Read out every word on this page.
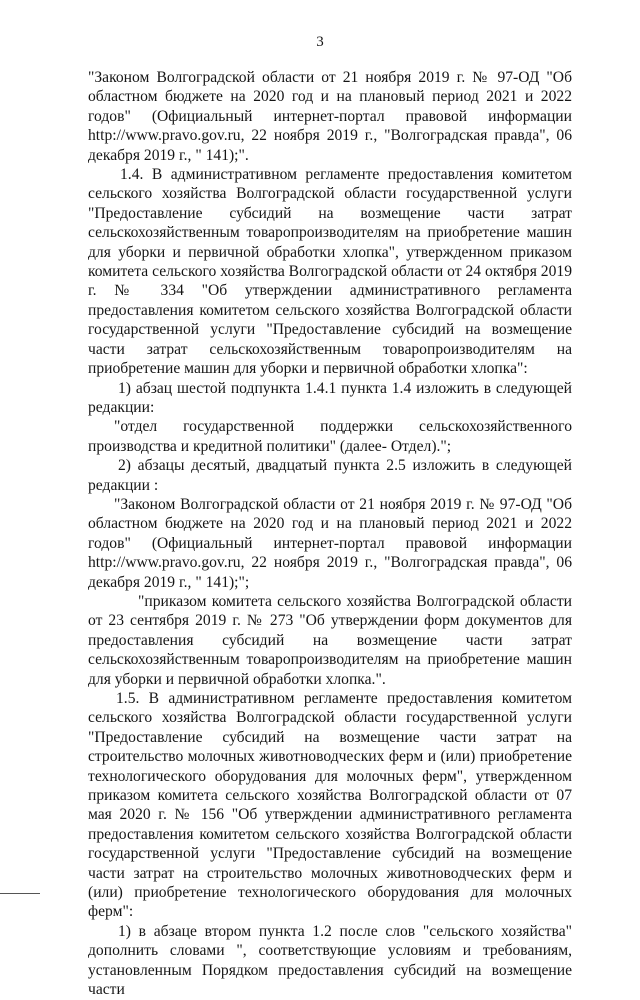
3

"Законом Волгоградской области от 21 ноября 2019 г. № 97-ОД "Об областном бюджете на 2020 год и на плановый период 2021 и 2022 годов" (Официальный интернет-портал правовой информации http://www.pravo.gov.ru, 22 ноября 2019 г., "Волгоградская правда", 06 декабря 2019 г., " 141);".

1.4. В административном регламенте предоставления комитетом сельского хозяйства Волгоградской области государственной услуги "Предоставление субсидий на возмещение части затрат сельскохозяйственным товаропроизводителям на приобретение машин для уборки и первичной обработки хлопка", утвержденном приказом комитета сельского хозяйства Волгоградской области от 24 октября 2019 г. № 334 "Об утверждении административного регламента предоставления комитетом сельского хозяйства Волгоградской области государственной услуги "Предоставление субсидий на возмещение части затрат сельскохозяйственным товаропроизводителям на приобретение машин для уборки и первичной обработки хлопка":

1) абзац шестой подпункта 1.4.1 пункта 1.4 изложить в следующей редакции:

"отдел государственной поддержки сельскохозяйственного производства и кредитной политики" (далее- Отдел).";

2) абзацы десятый, двадцатый пункта 2.5 изложить в следующей редакции :

"Законом Волгоградской области от 21 ноября 2019 г. № 97-ОД "Об областном бюджете на 2020 год и на плановый период 2021 и 2022 годов" (Официальный интернет-портал правовой информации http://www.pravo.gov.ru, 22 ноября 2019 г., "Волгоградская правда", 06 декабря 2019 г., " 141);";

"приказом комитета сельского хозяйства Волгоградской области от 23 сентября 2019 г. № 273 "Об утверждении форм документов для предоставления субсидий на возмещение части затрат сельскохозяйственным товаропроизводителям на приобретение машин для уборки и первичной обработки хлопка.".

1.5. В административном регламенте предоставления комитетом сельского хозяйства Волгоградской области государственной услуги "Предоставление субсидий на возмещение части затрат на строительство молочных животноводческих ферм и (или) приобретение технологического оборудования для молочных ферм", утвержденном приказом комитета сельского хозяйства Волгоградской области от 07 мая 2020 г. № 156 "Об утверждении административного регламента предоставления комитетом сельского хозяйства Волгоградской области государственной услуги "Предоставление субсидий на возмещение части затрат на строительство молочных животноводческих ферм и (или) приобретение технологического оборудования для молочных ферм":

1) в абзаце втором пункта 1.2 после слов "сельского хозяйства" дополнить словами ", соответствующие условиям и требованиям, установленным Порядком предоставления субсидий на возмещение части
